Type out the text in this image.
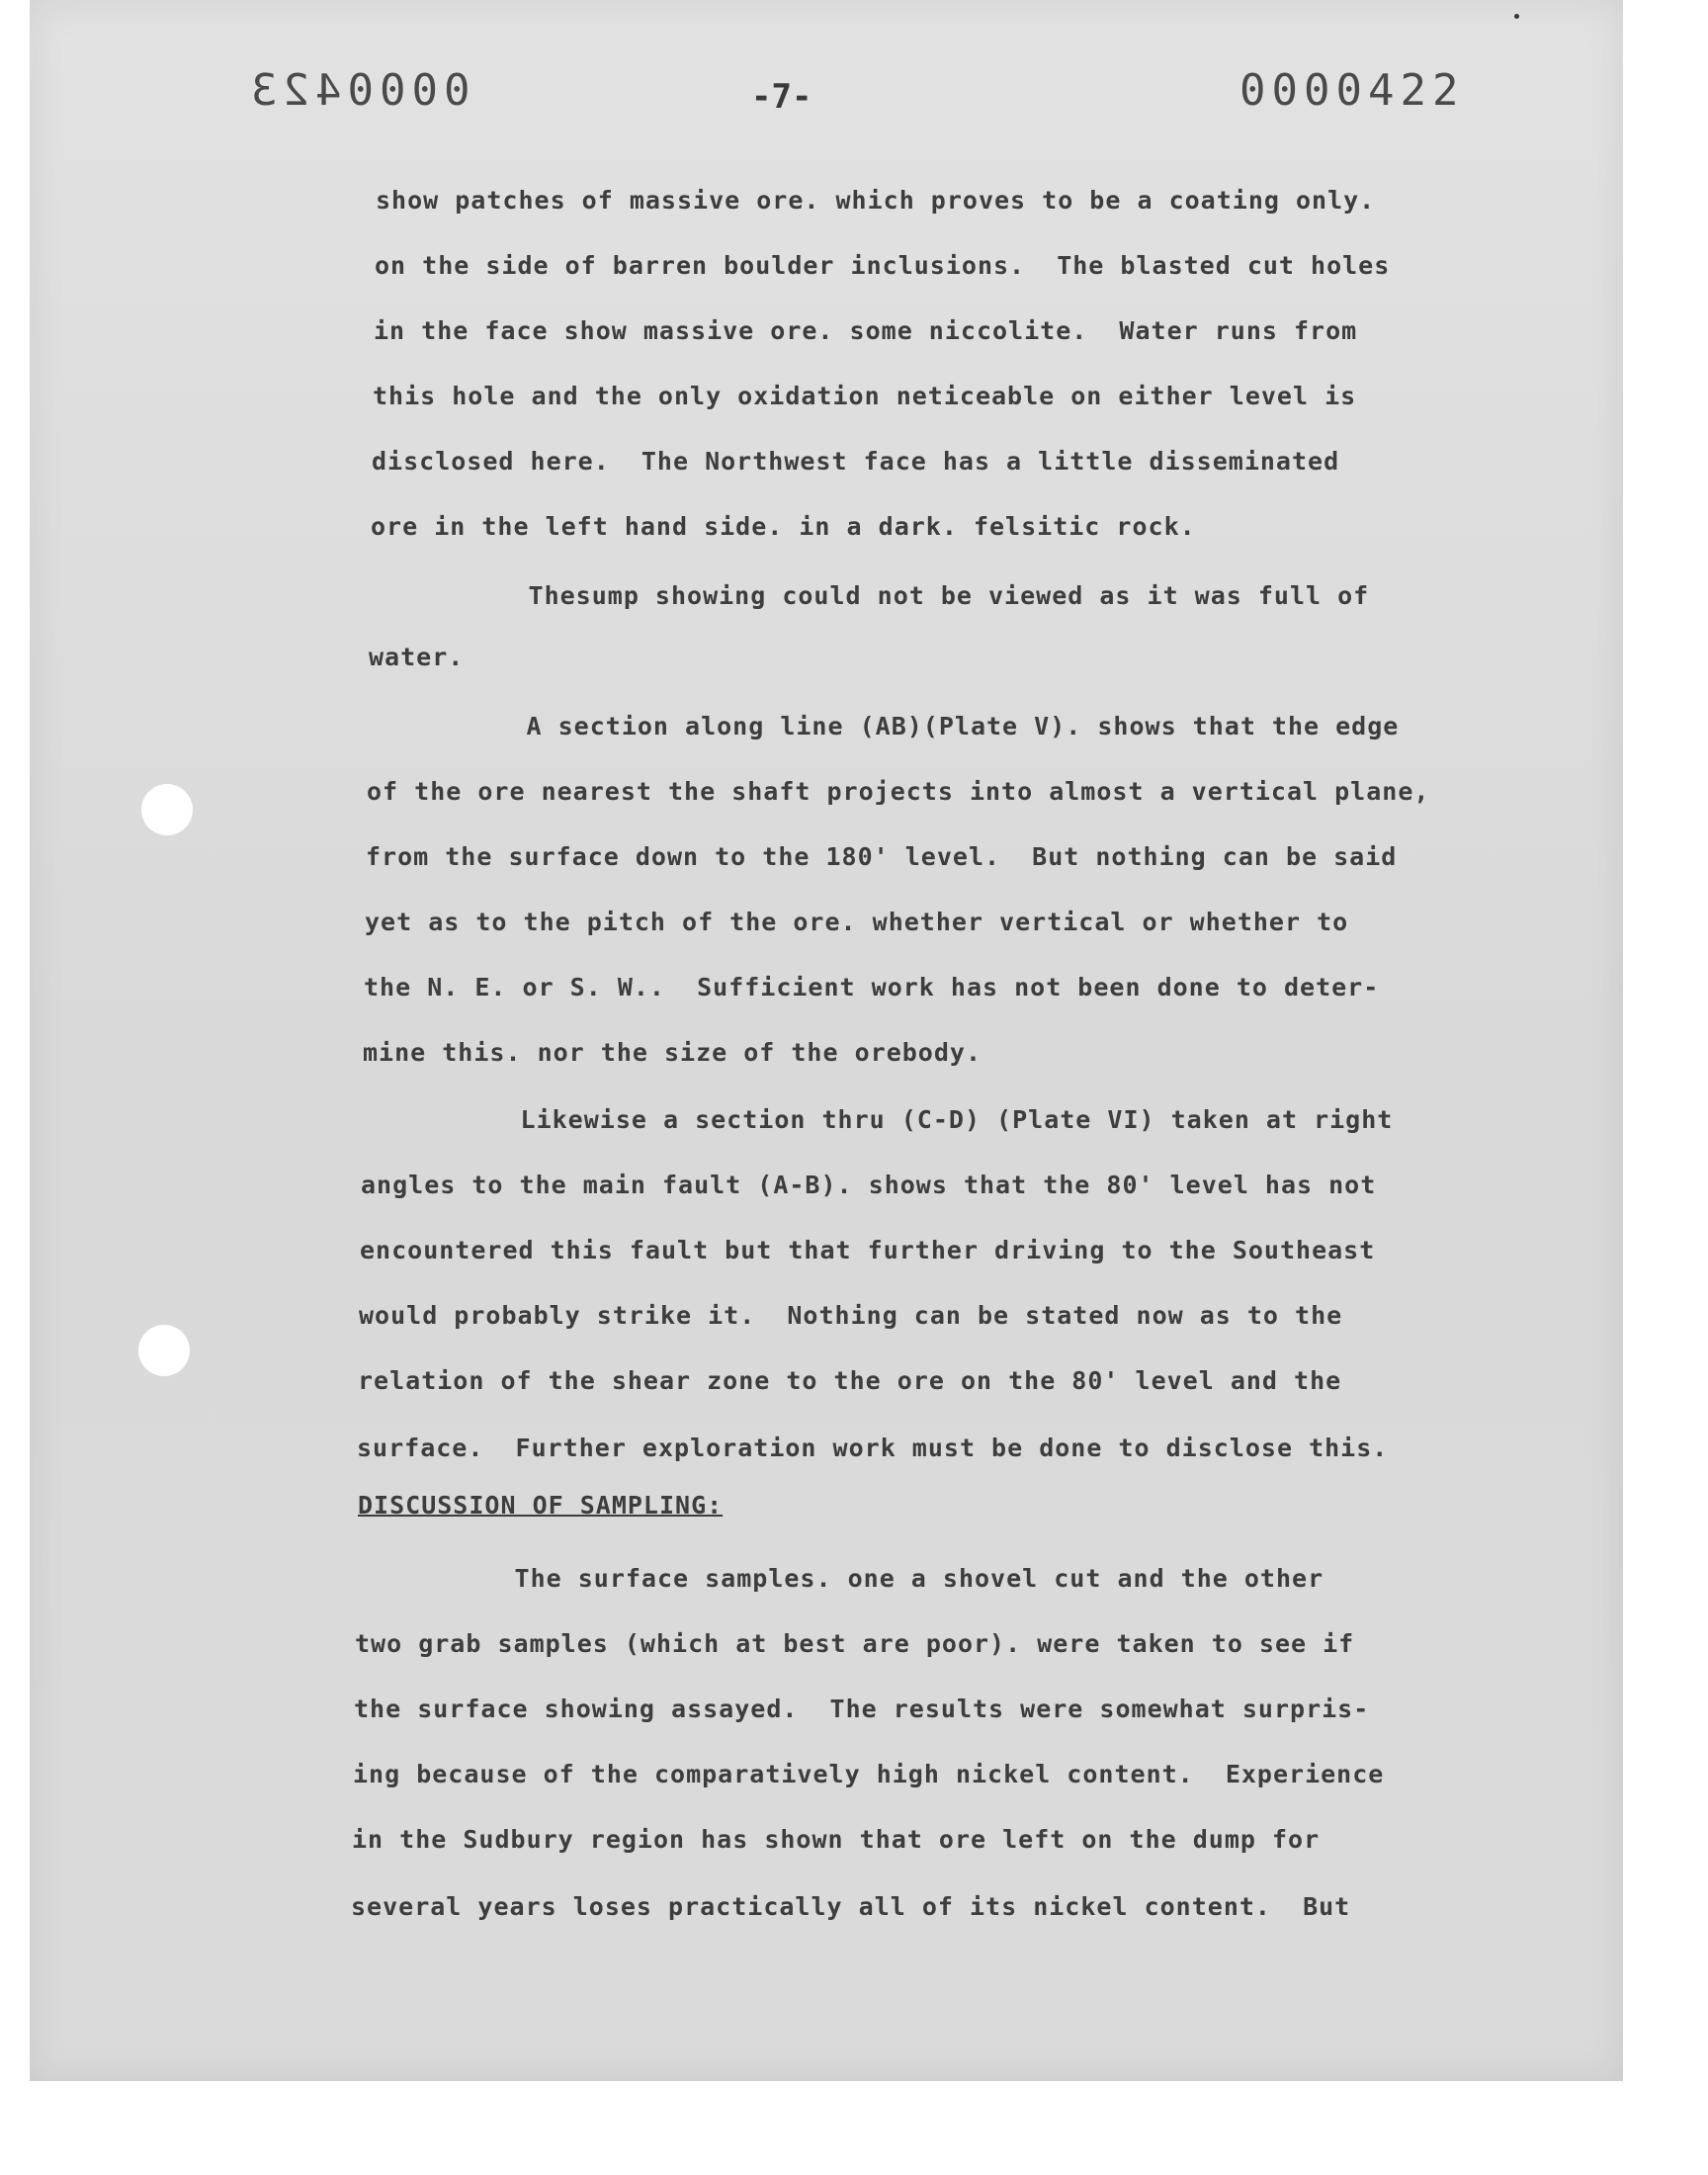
0000423	-7-	0000422
show patches of massive ore. which proves to be a coating only.
on the side of barren boulder inclusions.  The blasted cut holes
in the face show massive ore. some niccolite.  Water runs from
this hole and the only oxidation neticeable on either level is
disclosed here.  The Northwest face has a little disseminated
ore in the left hand side. in a dark. felsitic rock.
Thesump showing could not be viewed as it was full of
water.
A section along line (AB)(Plate V). shows that the edge
of the ore nearest the shaft projects into almost a vertical plane,
from the surface down to the 180' level.  But nothing can be said
yet as to the pitch of the ore. whether vertical or whether to
the N. E. or S. W..  Sufficient work has not been done to deter-
mine this. nor the size of the orebody.
Likewise a section thru (C-D) (Plate VI) taken at right
angles to the main fault (A-B). shows that the 80' level has not
encountered this fault but that further driving to the Southeast
would probably strike it.  Nothing can be stated now as to the
relation of the shear zone to the ore on the 80' level and the
surface.  Further exploration work must be done to disclose this.
DISCUSSION OF SAMPLING:
The surface samples. one a shovel cut and the other
two grab samples (which at best are poor). were taken to see if
the surface showing assayed.  The results were somewhat surpris-
ing because of the comparatively high nickel content.  Experience
in the Sudbury region has shown that ore left on the dump for
several years loses practically all of its nickel content.  But
